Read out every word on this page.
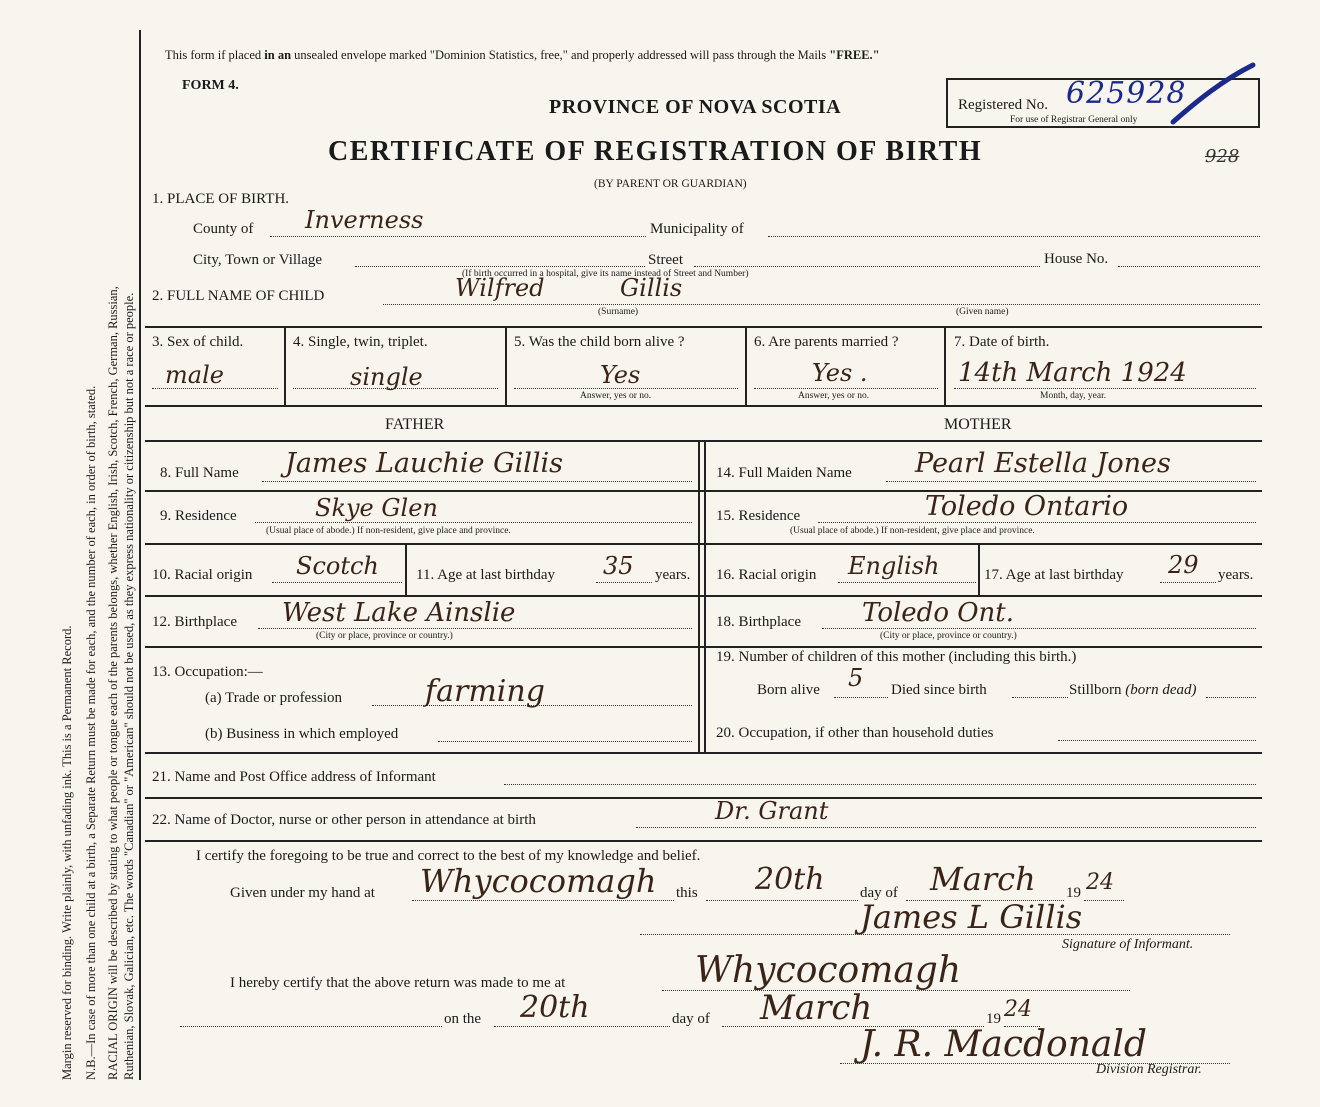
Margin reserved for binding. Write plainly, with unfading ink. This is a Permanent Record. N.B.—In case of more than one child at a birth, a Separate Return must be made for each, and the number of each, in order of birth, stated. RACIAL ORIGIN will be described by stating to what people or tongue each of the parents belongs, whether English, Irish, Scotch, French, German, Russian, Ruthenian, Slovak, Galician, etc. The words "Canadian" or "American" should not be used, as they express nationality or citizenship but not a race or people.
This form if placed in an unsealed envelope marked "Dominion Statistics, free," and properly addressed will pass through the Mails "FREE."
FORM 4.
PROVINCE OF NOVA SCOTIA
CERTIFICATE OF REGISTRATION OF BIRTH
(BY PARENT OR GUARDIAN)
Registered No. 625928
For use of Registrar General only
928
1. PLACE OF BIRTH.
County of Inverness	Municipality of
City, Town or Village	Street	House No.
(If birth occurred in a hospital, give its name instead of Street and Number)
2. FULL NAME OF CHILD	Wilfred	Gillis
(Surname)	(Given name)
3. Sex of child.
male
4. Single, twin, triplet.
single
5. Was the child born alive ?
Yes
Answer, yes or no.
6. Are parents married ?
Yes .
Answer, yes or no.
7. Date of birth.
14th March 1924
Month, day, year.
FATHER	MOTHER
8. Full Name James Lauchie Gillis
9. Residence	Skye Glen
(Usual place of abode.) If non-resident, give place and province.
10. Racial origin Scotch 11. Age at last birthday 35 years.
12. Birthplace West Lake Ainslie
(City or place, province or country.)
13. Occupation:—
(a) Trade or profession	farming
(b) Business in which employed
14. Full Maiden Name Pearl Estella Jones
15. Residence	Toledo Ontario
(Usual place of abode.) If non-resident, give place and province.
16. Racial origin English	17. Age at last birthday 29 years.
18. Birthplace Toledo Ont.
(City or place, province or country.)
19. Number of children of this mother (including this birth.)
Born alive 5 Died since birth	Stillborn (born dead)
20. Occupation, if other than household duties
21. Name and Post Office address of Informant
22. Name of Doctor, nurse or other person in attendance at birth	Dr. Grant
I certify the foregoing to be true and correct to the best of my knowledge and belief.
Given under my hand at Whycocomagh this 20th day of March 19 24
James L Gillis
Signature of Informant.
I hereby certify that the above return was made to me at	Whycocomagh
on the 20th	day of March	19 24
J. R. Macdonald
Division Registrar.
